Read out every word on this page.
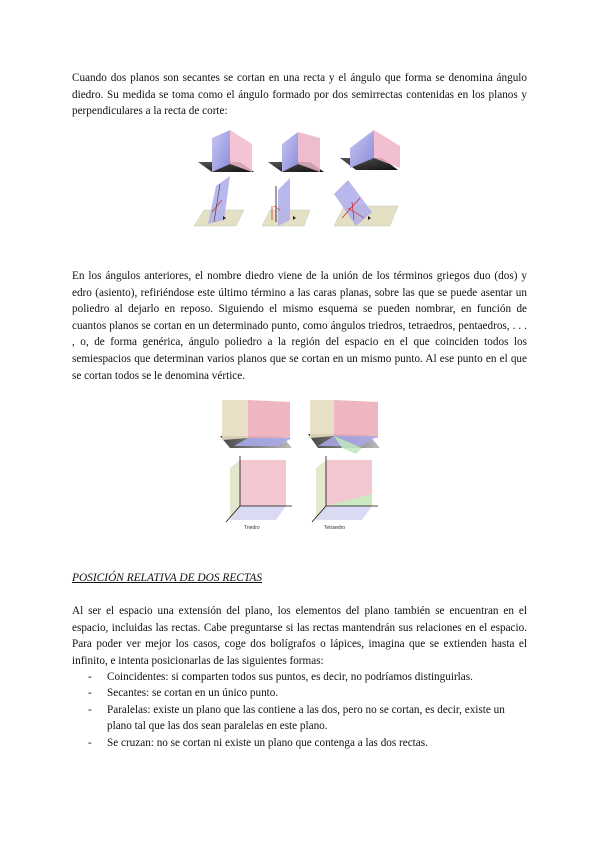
Cuando dos planos son secantes se cortan en una recta y el ángulo que forma se denomina ángulo diedro. Su medida se toma como el ángulo formado por dos semirrectas contenidas en los planos y perpendiculares a la recta de corte:

En los ángulos anteriores, el nombre diedro viene de la unión de los términos griegos duo (dos) y edro (asiento), refiriéndose este último término a las caras planas, sobre las que se puede asentar un poliedro al dejarlo en reposo. Siguiendo el mismo esquema se pueden nombrar, en función de cuantos planos se cortan en un determinado punto, como ángulos triedros, tetraedros, pentaedros, . . . , o, de forma genérica, ángulo poliedro a la región del espacio en el que coinciden todos los semiespacios que determinan varios planos que se cortan en un mismo punto. Al ese punto en el que se cortan todos se le denomina vértice.

Triedro	Tetraedro
POSICIÓN RELATIVA DE DOS RECTAS

Al ser el espacio una extensión del plano, los elementos del plano también se encuentran en el espacio, incluidas las rectas. Cabe preguntarse si las rectas mantendrán sus relaciones en el espacio. Para poder ver mejor los casos, coge dos bolígrafos o lápices, imagina que se extienden hasta el infinito, e intenta posicionarlas de las siguientes formas:

- Coincidentes: si comparten todos sus puntos, es decir, no podríamos distinguirlas.
- Secantes: se cortan en un único punto.
- Paralelas: existe un plano que las contiene a las dos, pero no se cortan, es decir, existe un plano tal que las dos sean paralelas en este plano.
- Se cruzan: no se cortan ni existe un plano que contenga a las dos rectas.
